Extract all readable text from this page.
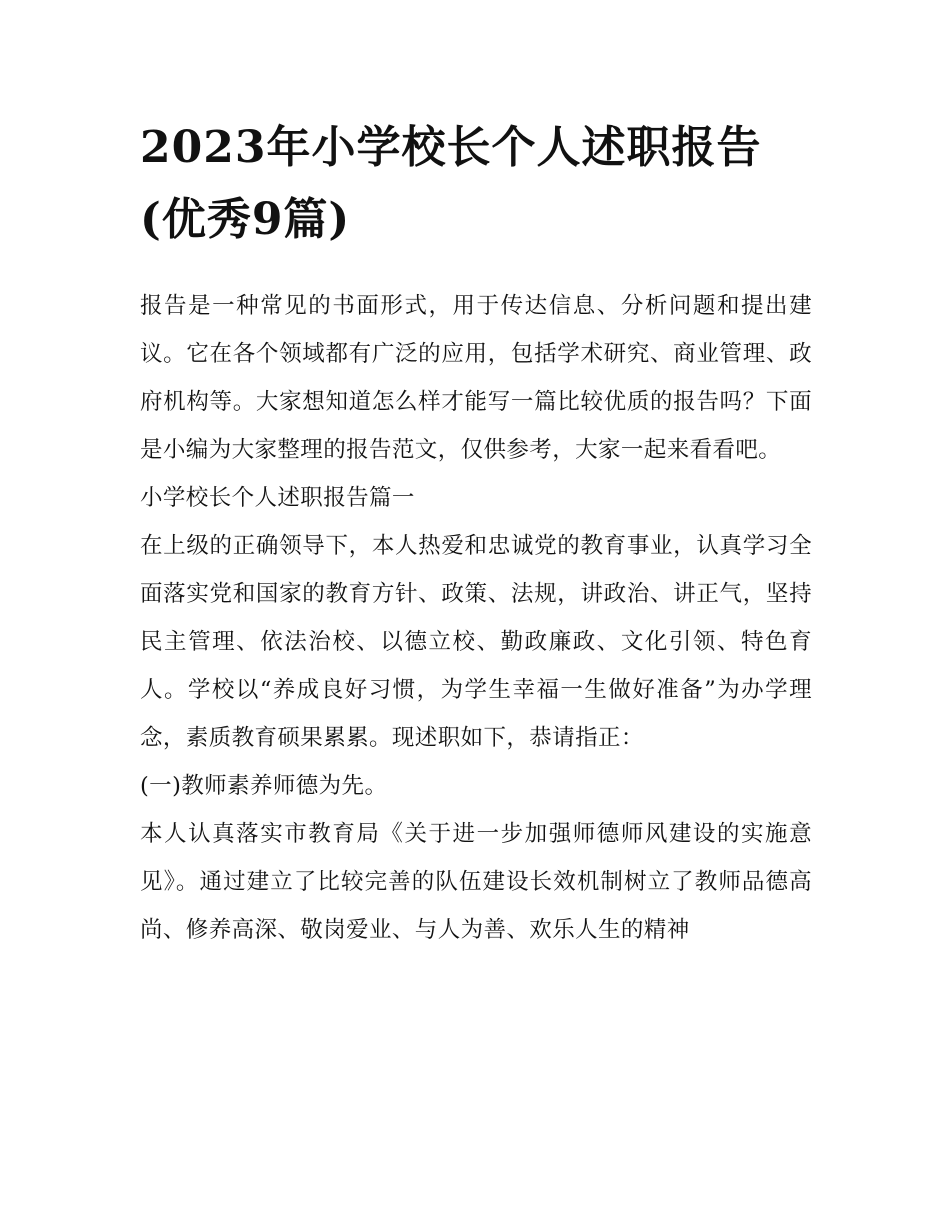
2023年小学校长个人述职报告
(优秀9篇)

报告是一种常见的书面形式，用于传达信息、分析问题和提出建议。它在各个领域都有广泛的应用，包括学术研究、商业管理、政府机构等。大家想知道怎么样才能写一篇比较优质的报告吗？下面是小编为大家整理的报告范文，仅供参考，大家一起来看看吧。

小学校长个人述职报告篇一

在上级的正确领导下，本人热爱和忠诚党的教育事业，认真学习全面落实党和国家的教育方针、政策、法规，讲政治、讲正气，坚持民主管理、依法治校、以德立校、勤政廉政、文化引领、特色育人。学校以“养成良好习惯，为学生幸福一生做好准备”为办学理念，素质教育硕果累累。现述职如下，恭请指正：

(一)教师素养师德为先。

本人认真落实市教育局《关于进一步加强师德师风建设的实施意见》。通过建立了比较完善的队伍建设长效机制树立了教师品德高尚、修养高深、敬岗爱业、与人为善、欢乐人生的精神
